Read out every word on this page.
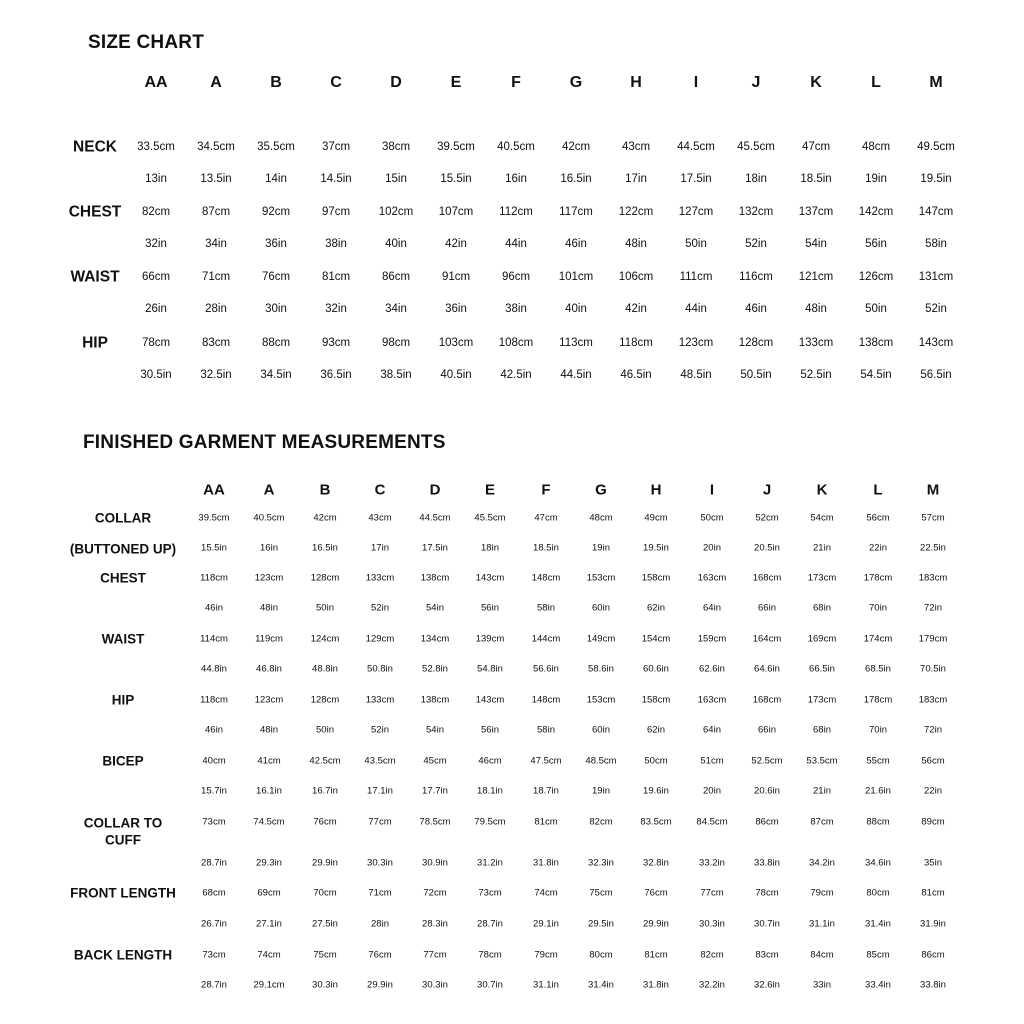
SIZE CHART
AA	A	B	C	D	E	F	G	H	I	J	K	L	M
NECK 33.5cm 34.5cm 35.5cm 37cm	38cm 39.5cm 40.5cm 42cm	43cm 44.5cm 45.5cm 47cm	48cm 49.5cm
13in	13.5in	14in	14.5in	15in	15.5in	16in	16.5in	17in	17.5in	18in	18.5in	19in	19.5in
CHEST 82cm	87cm	92cm	97cm 102cm 107cm 112cm 117cm 122cm 127cm 132cm 137cm 142cm 147cm
32in	34in	36in	38in	40in	42in	44in	46in	48in	50in	52in	54in	56in	58in
WAIST 66cm	71cm	76cm	81cm	86cm	91cm	96cm 101cm 106cm 111cm 116cm 121cm 126cm 131cm
26in	28in	30in	32in	34in	36in	38in	40in	42in	44in	46in	48in	50in	52in
HIP	78cm	83cm	88cm	93cm	98cm 103cm 108cm 113cm 118cm 123cm 128cm 133cm 138cm 143cm
30.5in 32.5in 34.5in 36.5in 38.5in 40.5in 42.5in 44.5in 46.5in 48.5in 50.5in 52.5in 54.5in 56.5in
FINISHED GARMENT MEASUREMENTS
AA	A	B	C	D	E	F	G	H	I	J	K	L	M
COLLAR
(BUTTONED UP)
39.5cm	40.5cm	42cm	43cm	44.5cm	45.5cm	47cm	48cm	49cm	50cm	52cm	54cm	56cm	57cm
15.5in	16in	16.5in	17in	17.5in	18in	18.5in	19in	19.5in	20in	20.5in	21in	22in	22.5in
CHEST	118cm	123cm	128cm	133cm	138cm	143cm	148cm	153cm	158cm	163cm	168cm	173cm	178cm	183cm
46in	48in	50in	52in	54in	56in	58in	60in	62in	64in	66in	68in	70in	72in
WAIST	114cm	119cm	124cm	129cm	134cm	139cm	144cm	149cm	154cm	159cm	164cm	169cm	174cm	179cm
44.8in	46.8in	48.8in	50.8in	52.8in	54.8in	56.6in	58.6in	60.6in	62.6in	64.6in	66.5in	68.5in	70.5in
HIP	118cm	123cm	128cm	133cm	138cm	143cm	148cm	153cm	158cm	163cm	168cm	173cm	178cm	183cm
46in	48in	50in	52in	54in	56in	58in	60in	62in	64in	66in	68in	70in	72in
BICEP	40cm	41cm	42.5cm	43.5cm	45cm	46cm	47.5cm	48.5cm	50cm	51cm	52.5cm	53.5cm	55cm	56cm
15.7in	16.1in	16.7in	17.1in	17.7in	18.1in	18.7in	19in	19.6in	20in	20.6in	21in	21.6in	22in
COLLAR TO
CUFF
73cm	74.5cm	76cm	77cm	78.5cm	79.5cm	81cm	82cm	83.5cm	84.5cm	86cm	87cm	88cm	89cm
28.7in	29.3in	29.9in	30.3in	30.9in	31.2in	31.8in	32.3in	32.8in	33.2in	33.8in	34.2in	34.6in	35in
FRONT LENGTH	68cm	69cm	70cm	71cm	72cm	73cm	74cm	75cm	76cm	77cm	78cm	79cm	80cm	81cm
26.7in	27.1in	27.5in	28in	28.3in	28.7in	29.1in	29.5in	29.9in	30.3in	30.7in	31.1in	31.4in	31.9in
BACK LENGTH	73cm	74cm	75cm	76cm	77cm	78cm	79cm	80cm	81cm	82cm	83cm	84cm	85cm	86cm
28.7in	29.1cm	30.3in	29.9in	30.3in	30.7in	31.1in	31.4in	31.8in	32.2in	32.6in	33in	33.4in	33.8in
